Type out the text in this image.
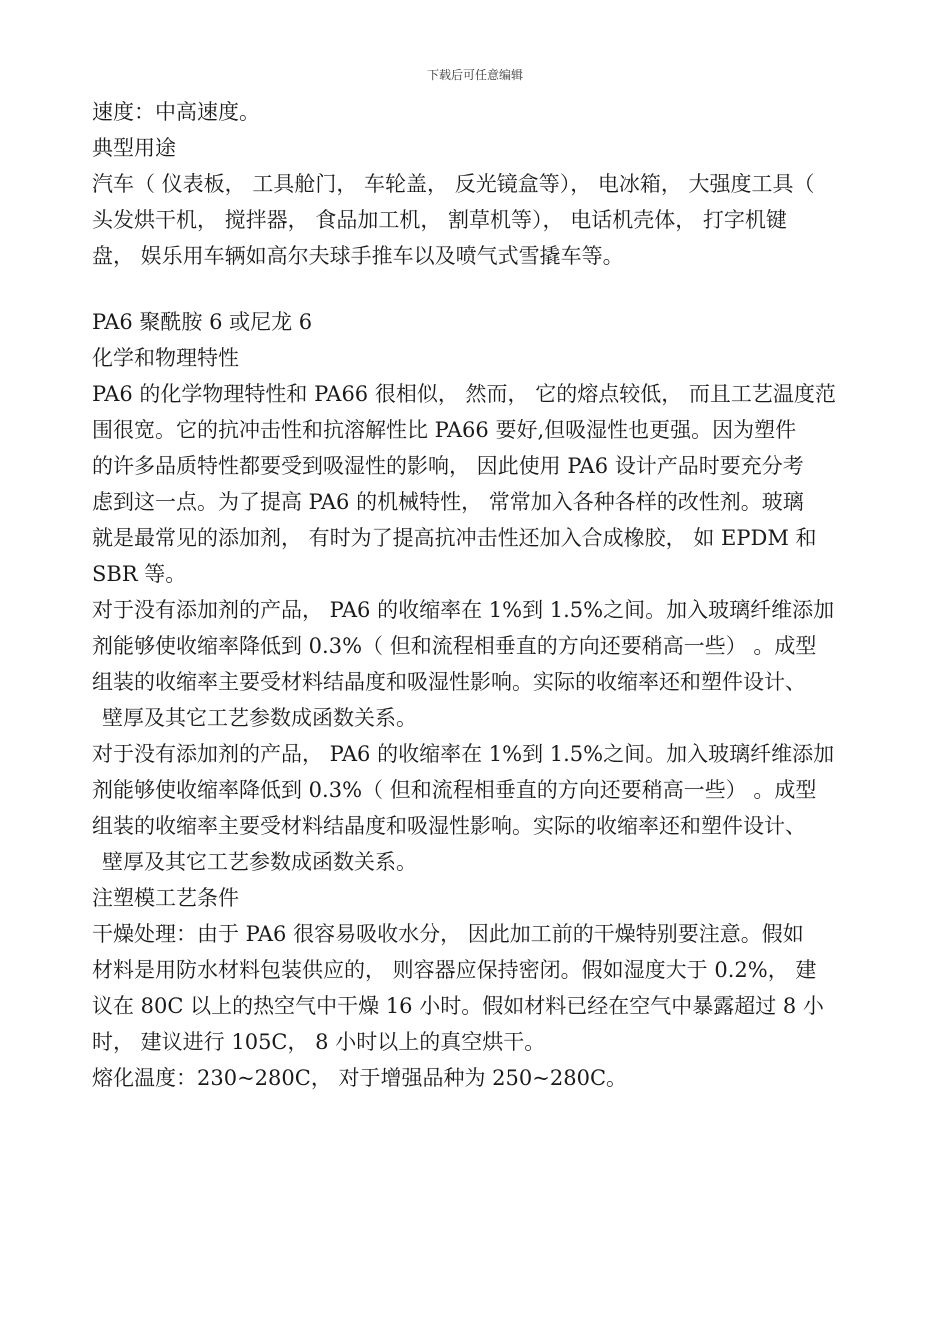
下载后可任意编辑
速度：中高速度。
典型用途
汽车（ 仪表板， 工具舱门， 车轮盖， 反光镜盒等）， 电冰箱， 大强度工具（
头发烘干机， 搅拌器， 食品加工机， 割草机等）， 电话机壳体， 打字机键
盘， 娱乐用车辆如高尔夫球手推车以及喷气式雪撬车等。
PA6 聚酰胺 6 或尼龙 6
化学和物理特性
PA6 的化学物理特性和 PA66 很相似， 然而， 它的熔点较低， 而且工艺温度范
围很宽。它的抗冲击性和抗溶解性比 PA66 要好,但吸湿性也更强。因为塑件
的许多品质特性都要受到吸湿性的影响， 因此使用 PA6 设计产品时要充分考
虑到这一点。为了提高 PA6 的机械特性， 常常加入各种各样的改性剂。玻璃
就是最常见的添加剂， 有时为了提高抗冲击性还加入合成橡胶， 如 EPDM 和
SBR 等。
对于没有添加剂的产品， PA6 的收缩率在 1%到 1.5%之间。加入玻璃纤维添加
剂能够使收缩率降低到 0.3%（ 但和流程相垂直的方向还要稍高一些） 。成型
组装的收缩率主要受材料结晶度和吸湿性影响。实际的收缩率还和塑件设计、
壁厚及其它工艺参数成函数关系。
对于没有添加剂的产品， PA6 的收缩率在 1%到 1.5%之间。加入玻璃纤维添加
剂能够使收缩率降低到 0.3%（ 但和流程相垂直的方向还要稍高一些） 。成型
组装的收缩率主要受材料结晶度和吸湿性影响。实际的收缩率还和塑件设计、
壁厚及其它工艺参数成函数关系。
注塑模工艺条件
干燥处理：由于 PA6 很容易吸收水分， 因此加工前的干燥特别要注意。假如
材料是用防水材料包装供应的， 则容器应保持密闭。假如湿度大于 0.2%， 建
议在 80C 以上的热空气中干燥 16 小时。假如材料已经在空气中暴露超过 8 小
时， 建议进行 105C， 8 小时以上的真空烘干。
熔化温度：230~280C， 对于增强品种为 250~280C。
